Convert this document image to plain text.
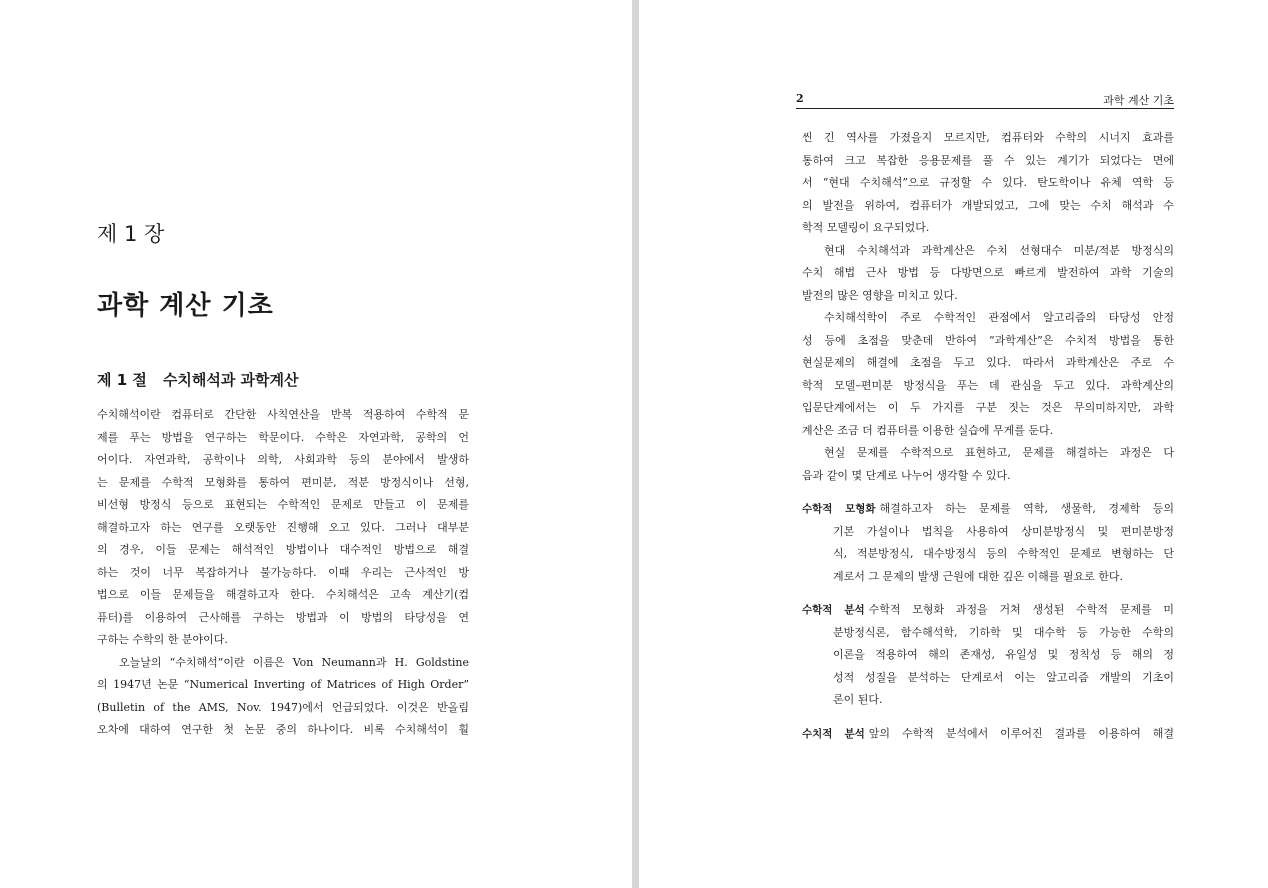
제 1 장
과학 계산 기초
제 1 절 수치해석과 과학계산
수치해석이란 컴퓨터로 간단한 사칙연산을 반복 적용하여 수학적 문
제를 푸는 방법을 연구하는 학문이다. 수학은 자연과학, 공학의 언
어이다. 자연과학, 공학이나 의학, 사회과학 등의 분야에서 발생하
는 문제를 수학적 모형화를 통하여 편미분, 적분 방정식이나 선형,
비선형 방정식 등으로 표현되는 수학적인 문제로 만들고 이 문제를
해결하고자 하는 연구를 오랫동안 진행해 오고 있다. 그러나 대부분
의 경우, 이들 문제는 해석적인 방법이나 대수적인 방법으로 해결
하는 것이 너무 복잡하거나 불가능하다. 이때 우리는 근사적인 방
법으로 이들 문제들을 해결하고자 한다. 수치해석은 고속 계산기(컴
퓨터)를 이용하여 근사해를 구하는 방법과 이 방법의 타당성을 연
구하는 수학의 한 분야이다.
오늘날의 “수치해석”이란 이름은 Von Neumann과 H. Goldstine
의 1947년 논문 “Numerical Inverting of Matrices of High Order”
(Bulletin of the AMS, Nov. 1947)에서 언급되었다. 이것은 반올림
오차에 대하여 연구한 첫 논문 중의 하나이다. 비록 수치해석이 훨
2	과학 계산 기초
씬 긴 역사를 가졌을지 모르지만, 컴퓨터와 수학의 시너지 효과를
통하여 크고 복잡한 응용문제를 풀 수 있는 계기가 되었다는 면에
서 “현대 수치해석”으로 규정할 수 있다. 탄도학이나 유체 역학 등
의 발전을 위하여, 컴퓨터가 개발되었고, 그에 맞는 수치 해석과 수
학적 모델링이 요구되었다.
현대 수치해석과 과학계산은 수치 선형대수 미분/적분 방정식의
수치 해법 근사 방법 등 다방면으로 빠르게 발전하여 과학 기술의
발전의 많은 영향을 미치고 있다.
수치해석학이 주로 수학적인 관점에서 알고리즘의 타당성 안정
성 등에 초점을 맞춘데 반하여 “과학계산”은 수치적 방법을 통한
현실문제의 해결에 초점을 두고 있다. 따라서 과학계산은 주로 수
학적 모델–편미분 방정식을 푸는 데 관심을 두고 있다. 과학계산의
입문단계에서는 이 두 가지를 구분 짓는 것은 무의미하지만, 과학
계산은 조금 더 컴퓨터를 이용한 실습에 무게를 둔다.
현실 문제를 수학적으로 표현하고, 문제를 해결하는 과정은 다
음과 같이 몇 단계로 나누어 생각할 수 있다.
수학적 모형화 해결하고자 하는 문제를 역학, 생물학, 경제학 등의
기본 가설이나 법칙을 사용하여 상미분방정식 및 편미분방정
식, 적분방정식, 대수방정식 등의 수학적인 문제로 변형하는 단
계로서 그 문제의 발생 근원에 대한 깊은 이해를 필요로 한다.
수학적 분석 수학적 모형화 과정을 거쳐 생성된 수학적 문제를 미
분방정식론, 함수해석학, 기하학 및 대수학 등 가능한 수학의
이론을 적용하여 해의 존재성, 유일성 및 정칙성 등 해의 정
성적 성질을 분석하는 단계로서 이는 알고리즘 개발의 기초이
론이 된다.
수치적 분석 앞의 수학적 분석에서 이루어진 결과를 이용하여 해결
